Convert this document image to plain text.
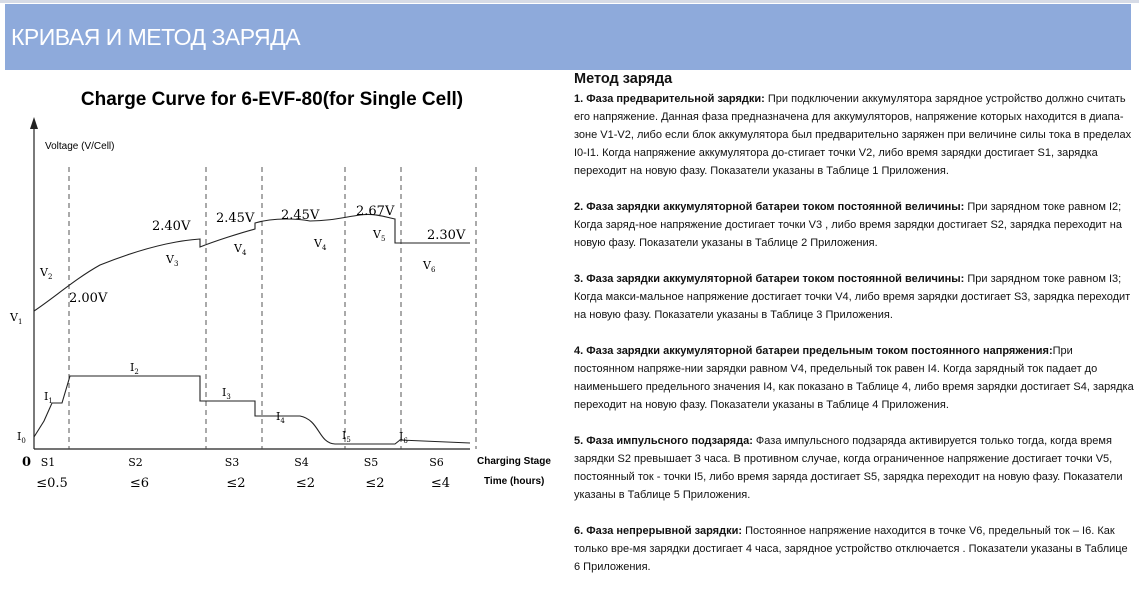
КРИВАЯ И МЕТОД ЗАРЯДА
Charge Curve for 6-EVF-80(for Single Cell)
Voltage (V/Cell)
0	Charging Stage
Time (hours)
$V_1$
$V_2$
$V_3$
$V_4$
$V_4$
$V_5$
$V_6$
2.00V
2.40V
2.45V 2.45V	2.67V
2.30V
$I_0$
$I_1$
$I_2$
$I_3$
$I_4$
$I_5$	$I_6$
S1
≤0.5
S2
≤6
S3
≤2
S4
≤2
S5
≤2
S6
≤4
Метод заряда
1. Фаза предварительной зарядки: При подключении аккумулятора зарядное устройство должно считать его напряжение. Данная фаза предназначена для аккумуляторов, напряжение которых находится в диапа-зоне V1-V2, либо если блок аккумулятора был предварительно заряжен при величине силы тока в пределах I0-I1. Когда напряжение аккумулятора до-стигает точки V2, либо время зарядки достигает S1, зарядка переходит на новую фазу. Показатели указаны в Таблице 1 Приложения.
2. Фаза зарядки аккумуляторной батареи током постоянной величины: При зарядном токе равном I2; Когда заряд-ное напряжение достигает точки V3 , либо время зарядки достигает S2, зарядка переходит на новую фазу. Показатели указаны в Таблице 2 Приложения.
3. Фаза зарядки аккумуляторной батареи током постоянной величины: При зарядном токе равном I3; Когда макси-мальное напряжение достигает точки V4, либо время зарядки достигает S3, зарядка переходит на новую фазу. Показатели указаны в Таблице 3 Приложения.
4. Фаза зарядки аккумуляторной батареи предельным током постоянного напряжения:При постоянном напряже-нии зарядки равном V4, предельный ток равен I4. Когда зарядный ток падает до наименьшего предельного значения I4, как показано в Таблице 4, либо время зарядки достигает S4, зарядка переходит на новую фазу. Показатели указаны в Таблице 4 Приложения.
5. Фаза импульсного подзаряда: Фаза импульсного подзаряда активируется только тогда, когда время зарядки S2 превышает 3 часа. В противном случае, когда ограниченное напряжение достигает точки V5, постоянный ток - точки I5, либо время заряда достигает S5, зарядка переходит на новую фазу. Показатели указаны в Таблице 5 Приложения.
6. Фаза непрерывной зарядки: Постоянное напряжение находится в точке V6, предельный ток – I6. Как только вре-мя зарядки достигает 4 часа, зарядное устройство отключается . Показатели указаны в Таблице 6 Приложения.
